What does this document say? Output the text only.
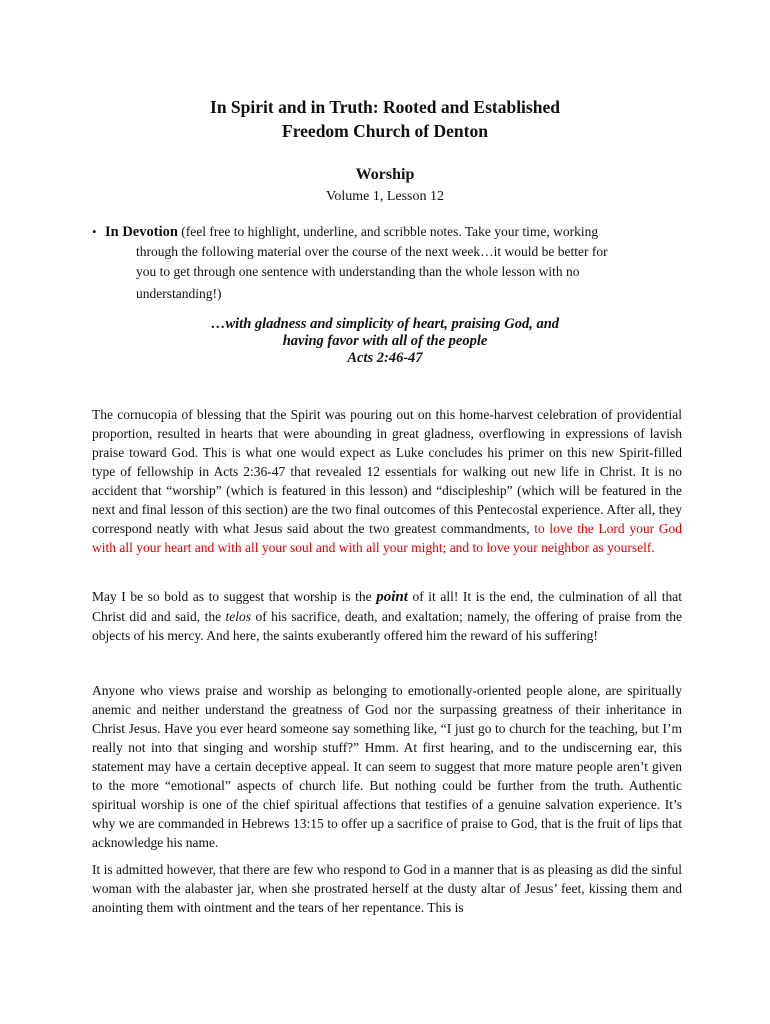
In Spirit and in Truth: Rooted and Established
Freedom Church of Denton
Worship
Volume 1, Lesson 12
• In Devotion (feel free to highlight, underline, and scribble notes. Take your time, working
through the following material over the course of the next week…it would be better for
you to get through one sentence with understanding than the whole lesson with no

understanding!)
…with gladness and simplicity of heart, praising God, and
having favor with all of the people
Acts 2:46-47

The cornucopia of blessing that the Spirit was pouring out on this home-harvest celebration of providential proportion, resulted in hearts that were abounding in great gladness, overflowing in expressions of lavish praise toward God. This is what one would expect as Luke concludes his primer on this new Spirit-filled type of fellowship in Acts 2:36-47 that revealed 12 essentials for walking out new life in Christ. It is no accident that “worship” (which is featured in this lesson) and “discipleship” (which will be featured in the next and final lesson of this section) are the two final outcomes of this Pentecostal experience. After all, they correspond neatly with what Jesus said about the two greatest commandments, to love the Lord your God with all your heart and with all your soul and with all your might; and to love your neighbor as yourself.

May I be so bold as to suggest that worship is the point of it all! It is the end, the culmination of all that Christ did and said, the telos of his sacrifice, death, and exaltation; namely, the offering of praise from the objects of his mercy. And here, the saints exuberantly offered him the reward of his suffering!

Anyone who views praise and worship as belonging to emotionally-oriented people alone, are spiritually anemic and neither understand the greatness of God nor the surpassing greatness of their inheritance in Christ Jesus. Have you ever heard someone say something like, “I just go to church for the teaching, but I’m really not into that singing and worship stuff?” Hmm. At first hearing, and to the undiscerning ear, this statement may have a certain deceptive appeal. It can seem to suggest that more mature people aren’t given to the more “emotional” aspects of church life. But nothing could be further from the truth. Authentic spiritual worship is one of the chief spiritual affections that testifies of a genuine salvation experience. It’s why we are commanded in Hebrews 13:15 to offer up a sacrifice of praise to God, that is the fruit of lips that acknowledge his name.

It is admitted however, that there are few who respond to God in a manner that is as pleasing as did the sinful woman with the alabaster jar, when she prostrated herself at the dusty altar of Jesus’ feet, kissing them and anointing them with ointment and the tears of her repentance. This is
